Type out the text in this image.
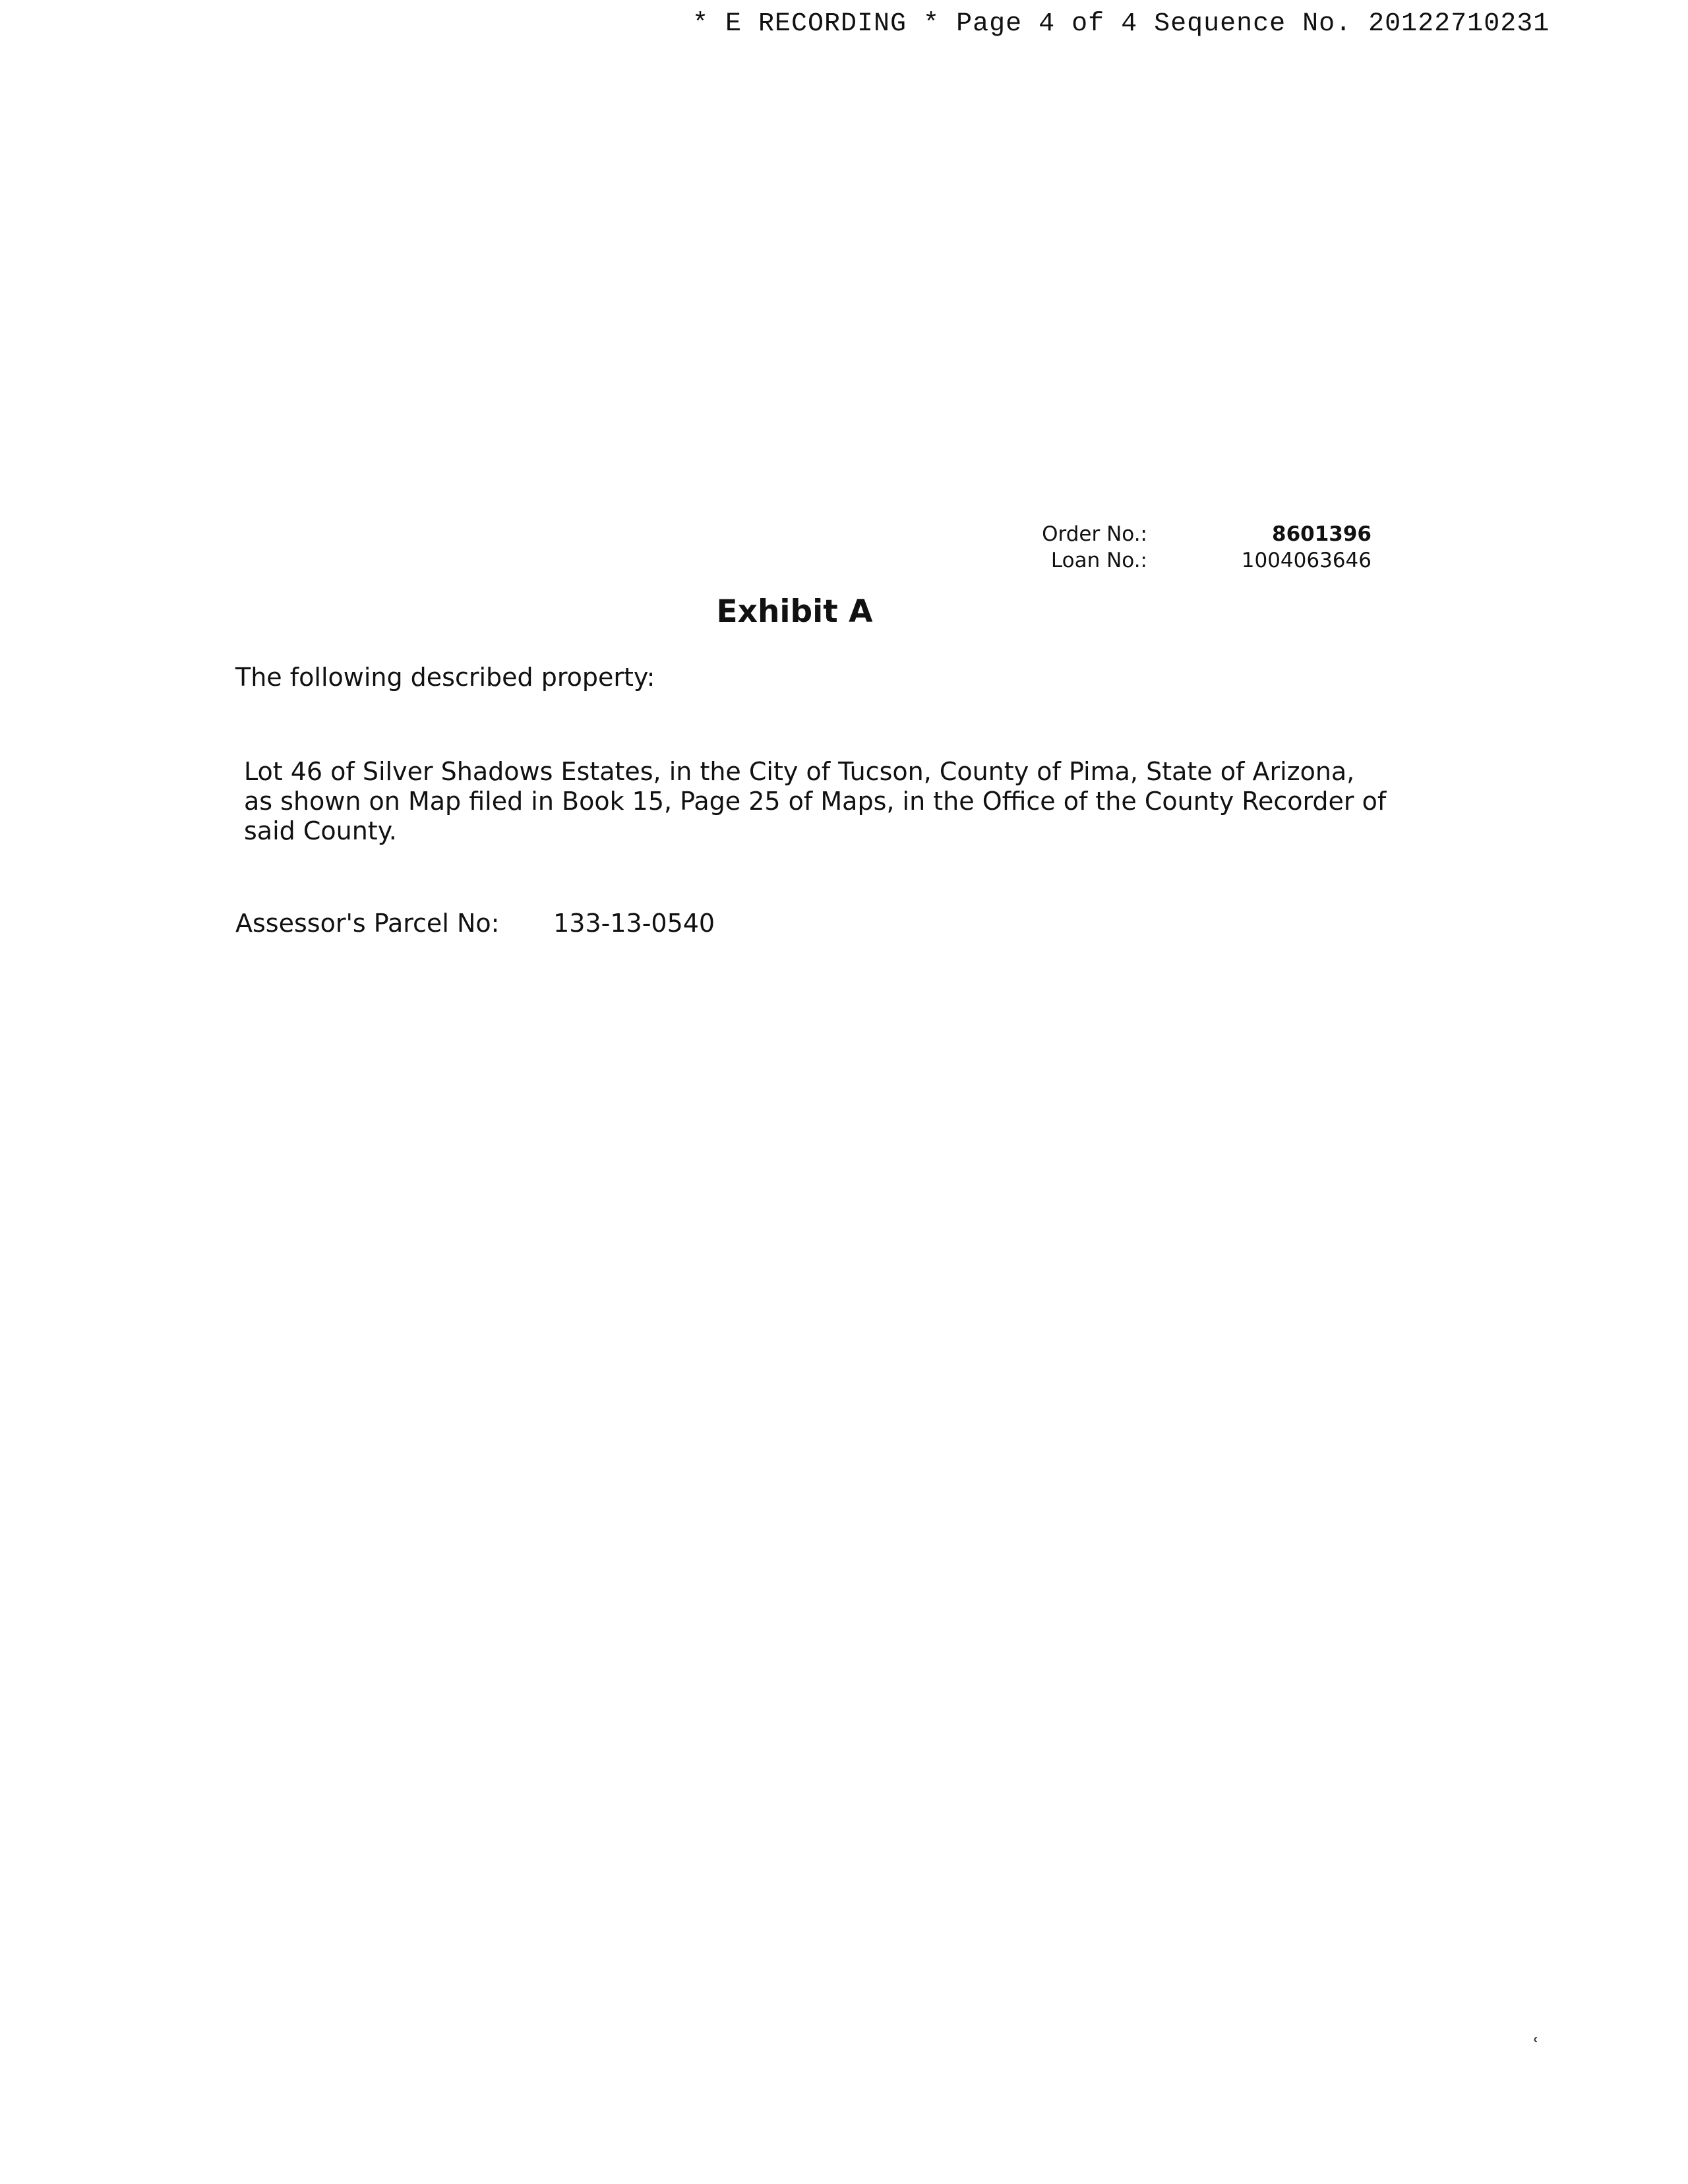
* E RECORDING * Page 4 of 4 Sequence No. 20122710231
Order No.:	8601396
Loan No.:	1004063646
Exhibit A
The following described property:
Lot 46 of Silver Shadows Estates, in the City of Tucson, County of Pima, State of Arizona,
as shown on Map filed in Book 15, Page 25 of Maps, in the Office of the County Recorder of
said County.
Assessor's Parcel No: 133-13-0540
ʿ
